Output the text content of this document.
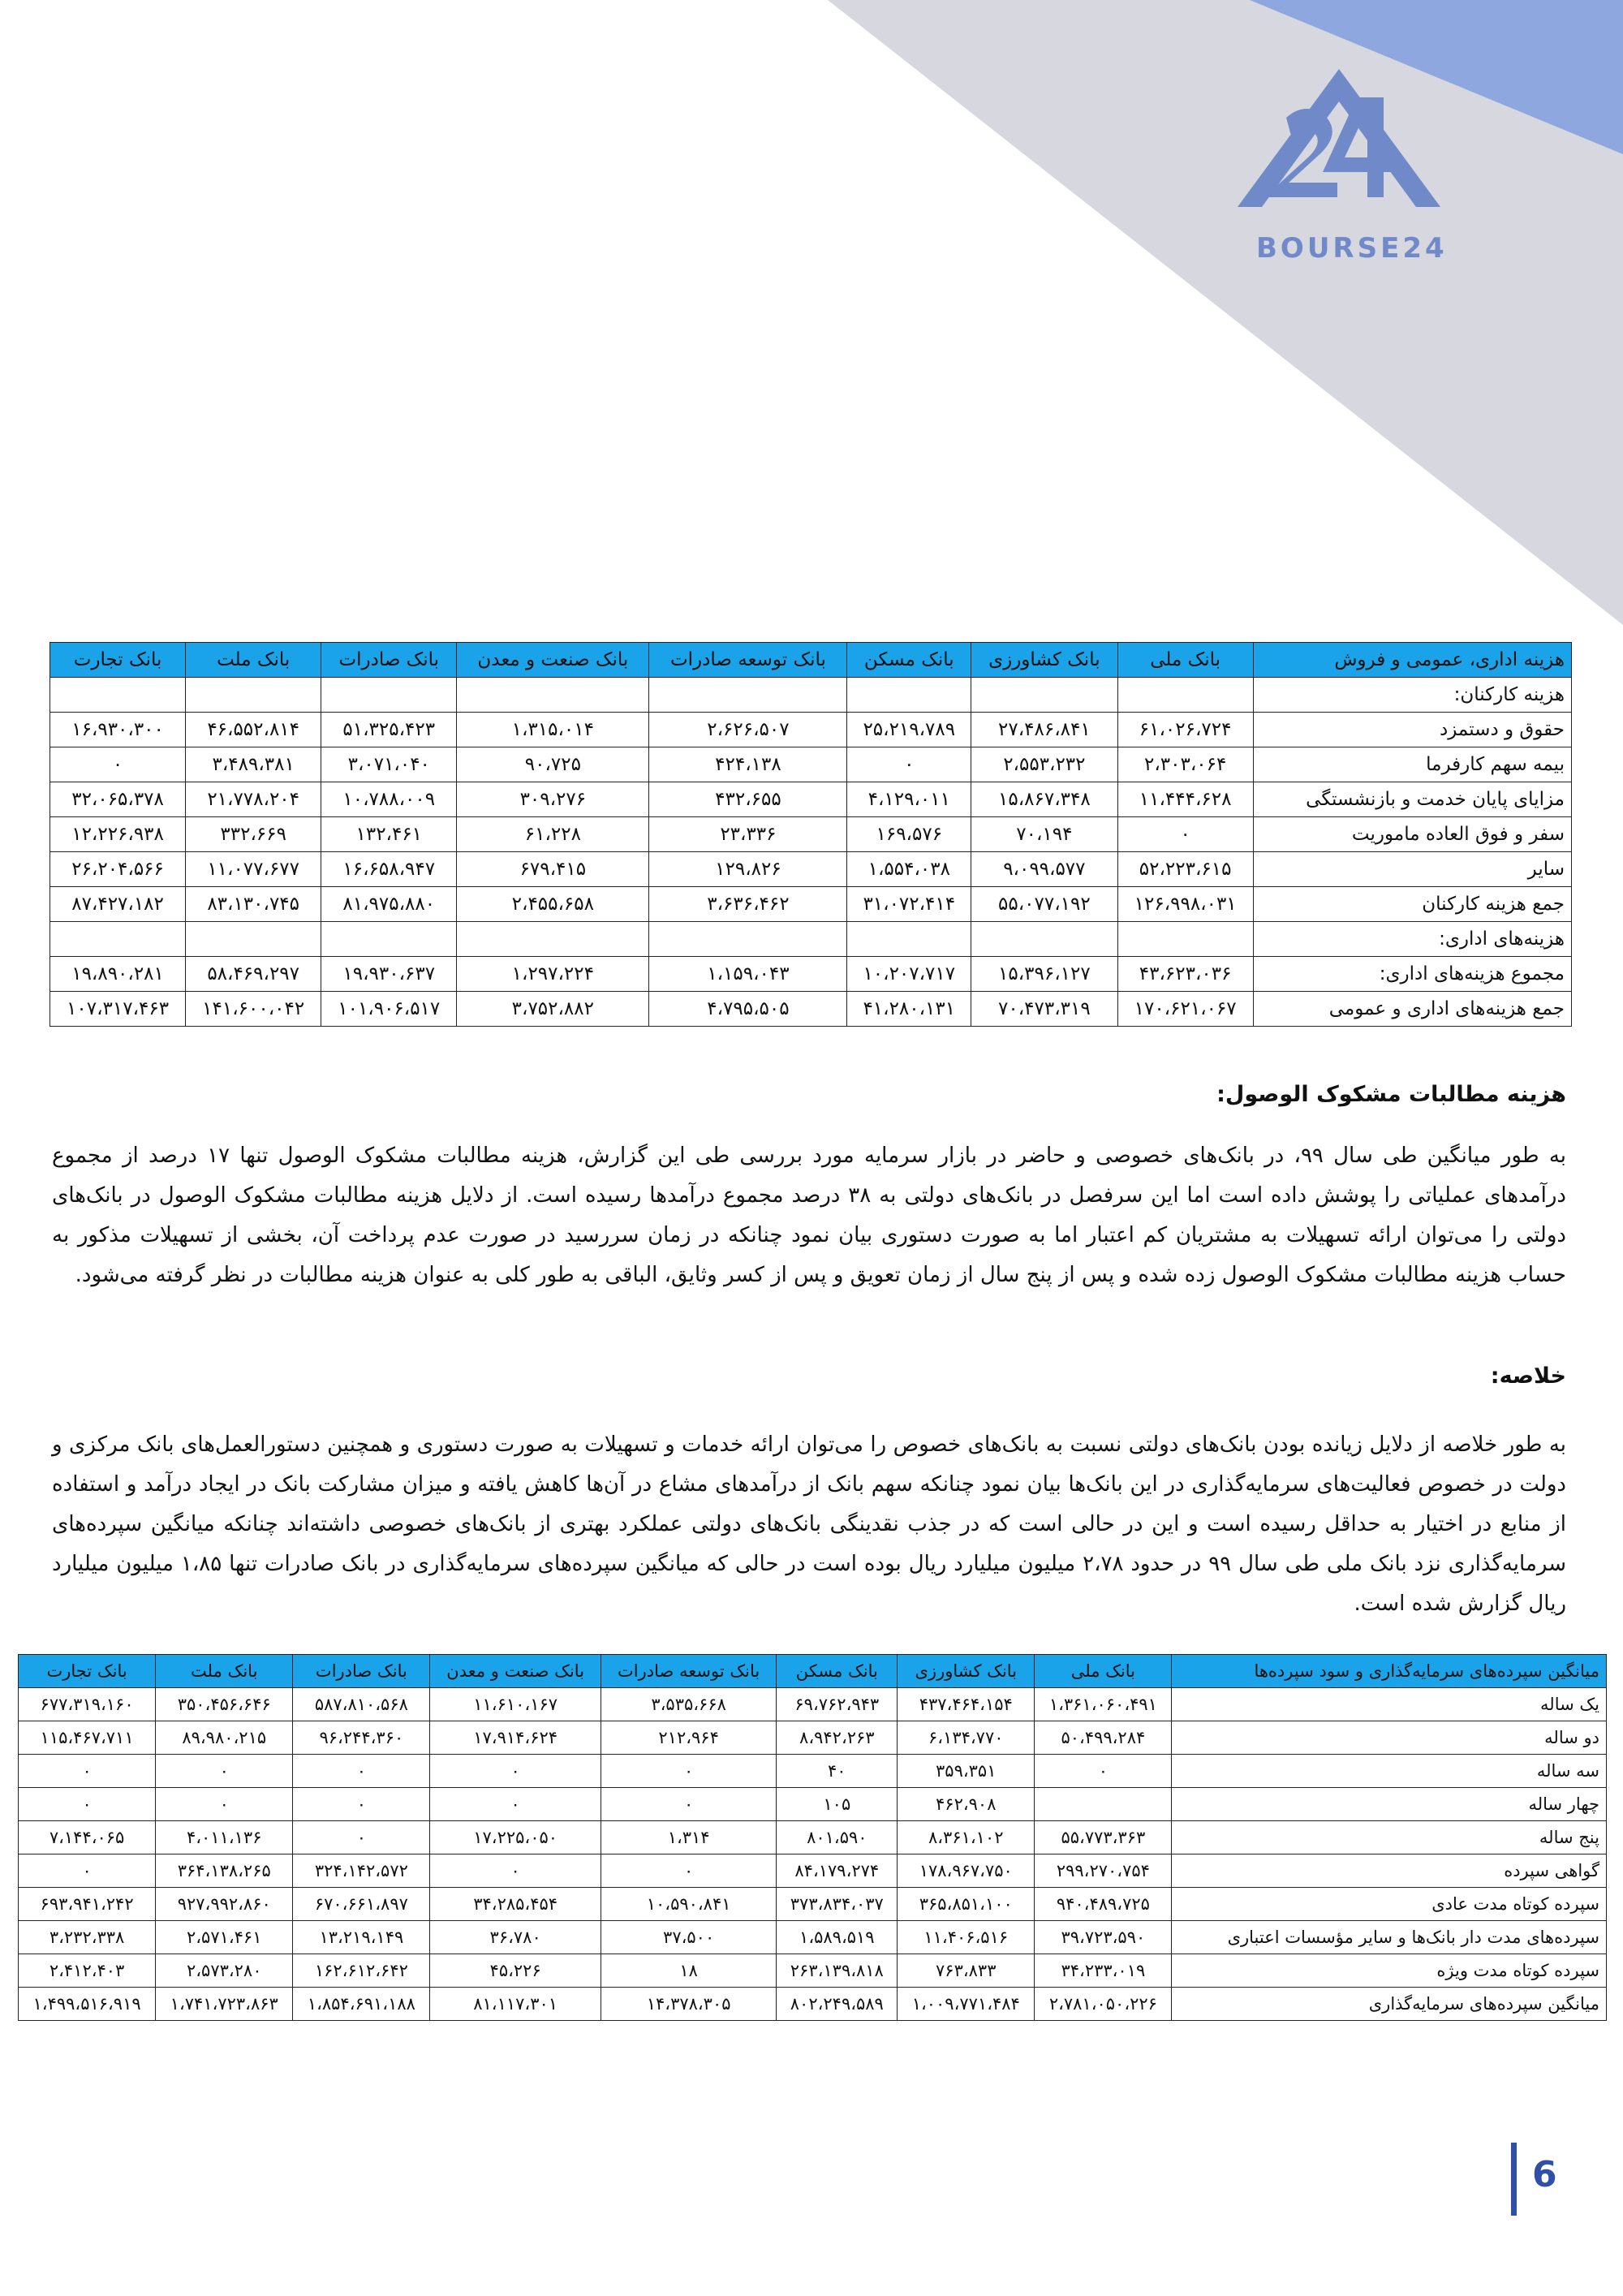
BOURSE24
هزینه اداری، عمومی و فروش	بانک ملی	بانک کشاورزی	بانک مسکن	بانک توسعه صادرات	بانک صنعت و معدن	بانک صادرات	بانک ملت	بانک تجارت
هزینه کارکنان:								
حقوق و دستمزد	۶۱،۰۲۶،۷۲۴	۲۷،۴۸۶،۸۴۱	۲۵،۲۱۹،۷۸۹	۲،۶۲۶،۵۰۷	۱،۳۱۵،۰۱۴	۵۱،۳۲۵،۴۲۳	۴۶،۵۵۲،۸۱۴	۱۶،۹۳۰،۳۰۰
بیمه سهم کارفرما	۲،۳۰۳،۰۶۴	۲،۵۵۳،۲۳۲	۰	۴۲۴،۱۳۸	۹۰،۷۲۵	۳،۰۷۱،۰۴۰	۳،۴۸۹،۳۸۱	۰
مزایای پایان خدمت و بازنشستگی	۱۱،۴۴۴،۶۲۸	۱۵،۸۶۷،۳۴۸	۴،۱۲۹،۰۱۱	۴۳۲،۶۵۵	۳۰۹،۲۷۶	۱۰،۷۸۸،۰۰۹	۲۱،۷۷۸،۲۰۴	۳۲،۰۶۵،۳۷۸
سفر و فوق العاده ماموریت	۰	۷۰،۱۹۴	۱۶۹،۵۷۶	۲۳،۳۳۶	۶۱،۲۲۸	۱۳۲،۴۶۱	۳۳۲،۶۶۹	۱۲،۲۲۶،۹۳۸
سایر	۵۲،۲۲۳،۶۱۵	۹،۰۹۹،۵۷۷	۱،۵۵۴،۰۳۸	۱۲۹،۸۲۶	۶۷۹،۴۱۵	۱۶،۶۵۸،۹۴۷	۱۱،۰۷۷،۶۷۷	۲۶،۲۰۴،۵۶۶
جمع هزینه کارکنان	۱۲۶،۹۹۸،۰۳۱	۵۵،۰۷۷،۱۹۲	۳۱،۰۷۲،۴۱۴	۳،۶۳۶،۴۶۲	۲،۴۵۵،۶۵۸	۸۱،۹۷۵،۸۸۰	۸۳،۱۳۰،۷۴۵	۸۷،۴۲۷،۱۸۲
هزینه‌های اداری:								
مجموع هزینه‌های اداری:	۴۳،۶۲۳،۰۳۶	۱۵،۳۹۶،۱۲۷	۱۰،۲۰۷،۷۱۷	۱،۱۵۹،۰۴۳	۱،۲۹۷،۲۲۴	۱۹،۹۳۰،۶۳۷	۵۸،۴۶۹،۲۹۷	۱۹،۸۹۰،۲۸۱
جمع هزینه‌های اداری و عمومی	۱۷۰،۶۲۱،۰۶۷	۷۰،۴۷۳،۳۱۹	۴۱،۲۸۰،۱۳۱	۴،۷۹۵،۵۰۵	۳،۷۵۲،۸۸۲	۱۰۱،۹۰۶،۵۱۷	۱۴۱،۶۰۰،۰۴۲	۱۰۷،۳۱۷،۴۶۳
هزینه مطالبات مشکوک الوصول:
به طور میانگین طی سال ۹۹، در بانک‌های خصوصی و حاضر در بازار سرمایه مورد بررسی طی این گزارش، هزینه مطالبات مشکوک الوصول تنها ۱۷ درصد از مجموع درآمدهای عملیاتی را پوشش داده است اما این سرفصل در بانک‌های دولتی به ۳۸ درصد مجموع درآمدها رسیده است. از دلایل هزینه مطالبات مشکوک الوصول در بانک‌های دولتی را می‌توان ارائه تسهیلات به مشتریان کم اعتبار اما به صورت دستوری بیان نمود چنانکه در زمان سررسید در صورت عدم پرداخت آن، بخشی از تسهیلات مذکور به حساب هزینه مطالبات مشکوک الوصول زده شده و پس از پنج سال از زمان تعویق و پس از کسر وثایق، الباقی به طور کلی به عنوان هزینه مطالبات در نظر گرفته می‌شود.
خلاصه:
به طور خلاصه از دلایل زیانده بودن بانک‌های دولتی نسبت به بانک‌های خصوص را می‌توان ارائه خدمات و تسهیلات به صورت دستوری و همچنین دستورالعمل‌های بانک مرکزی و دولت در خصوص فعالیت‌های سرمایه‌گذاری در این بانک‌ها بیان نمود چنانکه سهم بانک از درآمدهای مشاع در آن‌ها کاهش یافته و میزان مشارکت بانک در ایجاد درآمد و استفاده از منابع در اختیار به حداقل رسیده است و این در حالی است که در جذب نقدینگی بانک‌های دولتی عملکرد بهتری از بانک‌های خصوصی داشته‌اند چنانکه میانگین سپرده‌های سرمایه‌گذاری نزد بانک ملی طی سال ۹۹ در حدود ۲،۷۸ میلیون میلیارد ریال بوده است در حالی که میانگین سپرده‌های سرمایه‌گذاری در بانک صادرات تنها ۱،۸۵ میلیون میلیارد ریال گزارش شده است.
میانگین سپرده‌های سرمایه‌گذاری و سود سپرده‌ها	بانک ملی	بانک کشاورزی	بانک مسکن	بانک توسعه صادرات	بانک صنعت و معدن	بانک صادرات	بانک ملت	بانک تجارت
یک ساله	۱،۳۶۱،۰۶۰،۴۹۱	۴۳۷،۴۶۴،۱۵۴	۶۹،۷۶۲،۹۴۳	۳،۵۳۵،۶۶۸	۱۱،۶۱۰،۱۶۷	۵۸۷،۸۱۰،۵۶۸	۳۵۰،۴۵۶،۶۴۶	۶۷۷،۳۱۹،۱۶۰
دو ساله	۵۰،۴۹۹،۲۸۴	۶،۱۳۴،۷۷۰	۸،۹۴۲،۲۶۳	۲۱۲،۹۶۴	۱۷،۹۱۴،۶۲۴	۹۶،۲۴۴،۳۶۰	۸۹،۹۸۰،۲۱۵	۱۱۵،۴۶۷،۷۱۱
سه ساله	۰	۳۵۹،۳۵۱	۴۰	۰	۰	۰	۰	۰
چهار ساله		۴۶۲،۹۰۸	۱۰۵	۰	۰	۰	۰	۰
پنج ساله	۵۵،۷۷۳،۳۶۳	۸،۳۶۱،۱۰۲	۸۰۱،۵۹۰	۱،۳۱۴	۱۷،۲۲۵،۰۵۰	۰	۴،۰۱۱،۱۳۶	۷،۱۴۴،۰۶۵
گواهی سپرده	۲۹۹،۲۷۰،۷۵۴	۱۷۸،۹۶۷،۷۵۰	۸۴،۱۷۹،۲۷۴	۰	۰	۳۲۴،۱۴۲،۵۷۲	۳۶۴،۱۳۸،۲۶۵	۰
سپرده کوتاه مدت عادی	۹۴۰،۴۸۹،۷۲۵	۳۶۵،۸۵۱،۱۰۰	۳۷۳،۸۳۴،۰۳۷	۱۰،۵۹۰،۸۴۱	۳۴،۲۸۵،۴۵۴	۶۷۰،۶۶۱،۸۹۷	۹۲۷،۹۹۲،۸۶۰	۶۹۳،۹۴۱،۲۴۲
سپرده‌های مدت دار بانک‌ها و سایر مؤسسات اعتباری	۳۹،۷۲۳،۵۹۰	۱۱،۴۰۶،۵۱۶	۱،۵۸۹،۵۱۹	۳۷،۵۰۰	۳۶،۷۸۰	۱۳،۲۱۹،۱۴۹	۲،۵۷۱،۴۶۱	۳،۲۳۲،۳۳۸
سپرده کوتاه مدت ویژه	۳۴،۲۳۳،۰۱۹	۷۶۳،۸۳۳	۲۶۳،۱۳۹،۸۱۸	۱۸	۴۵،۲۲۶	۱۶۲،۶۱۲،۶۴۲	۲،۵۷۳،۲۸۰	۲،۴۱۲،۴۰۳
میانگین سپرده‌های سرمایه‌گذاری	۲،۷۸۱،۰۵۰،۲۲۶	۱،۰۰۹،۷۷۱،۴۸۴	۸۰۲،۲۴۹،۵۸۹	۱۴،۳۷۸،۳۰۵	۸۱،۱۱۷،۳۰۱	۱،۸۵۴،۶۹۱،۱۸۸	۱،۷۴۱،۷۲۳،۸۶۳	۱،۴۹۹،۵۱۶،۹۱۹
6
